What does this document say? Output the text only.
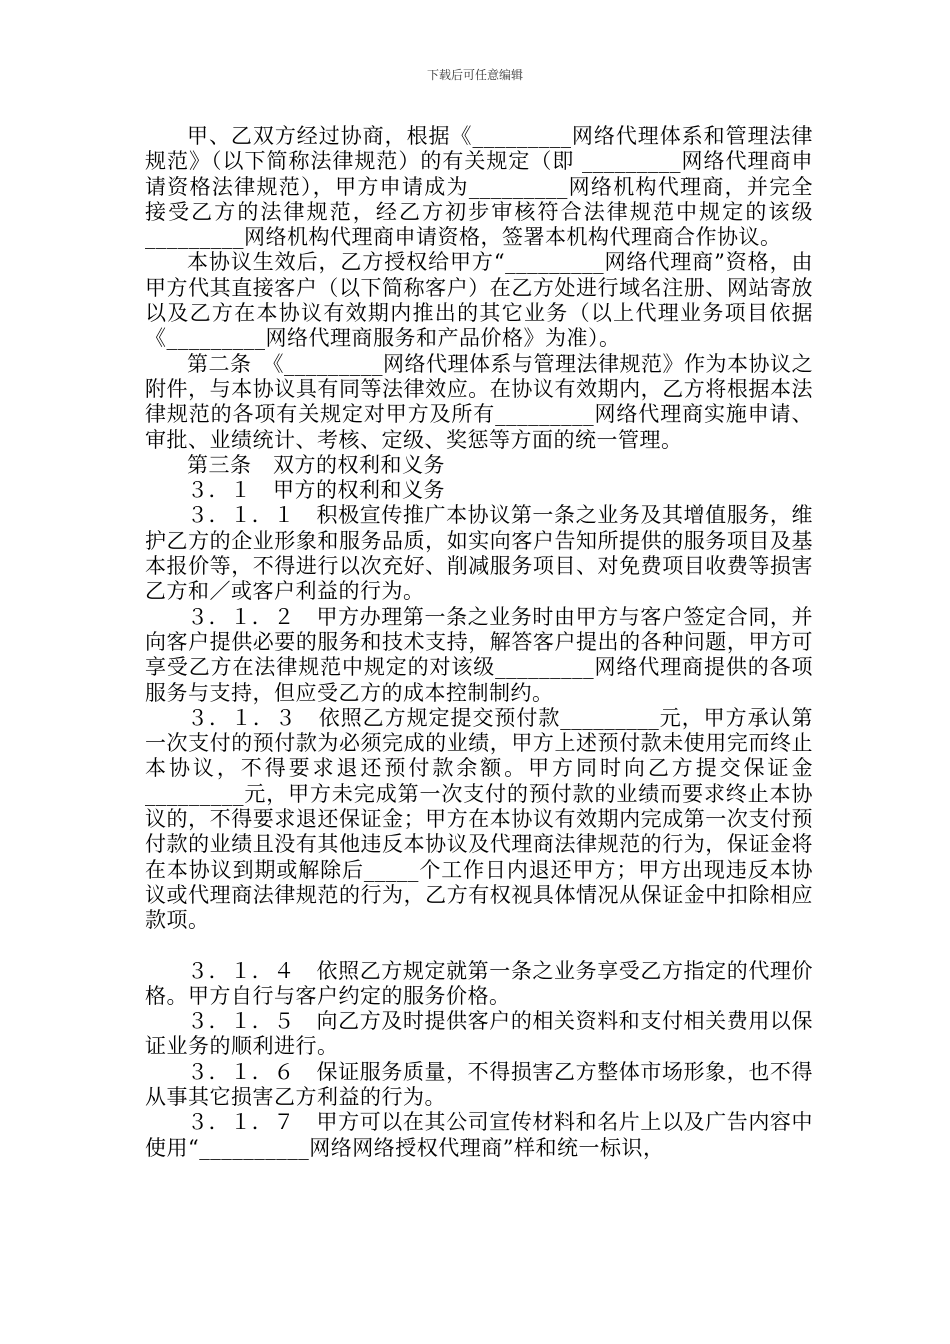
下载后可任意编辑

甲、乙双方经过协商，根据《_________网络代理体系和管理法律规范》（以下简称法律规范）的有关规定（即 _________网络代理商申请资格法律规范），甲方申请成为_________网络机构代理商，并完全接受乙方的法律规范，经乙方初步审核符合法律规范中规定的该级_________网络机构代理商申请资格，签署本机构代理商合作协议。

本协议生效后，乙方授权给甲方“_________网络代理商”资格，由甲方代其直接客户（以下简称客户）在乙方处进行域名注册、网站寄放以及乙方在本协议有效期内推出的其它业务（以上代理业务项目依据《_________网络代理商服务和产品价格》为准）。

第二条　《_________网络代理体系与管理法律规范》作为本协议之附件，与本协议具有同等法律效应。在协议有效期内，乙方将根据本法律规范的各项有关规定对甲方及所有_________网络代理商实施申请、审批、业绩统计、考核、定级、奖惩等方面的统一管理。

第三条　双方的权利和义务

３．１　甲方的权利和义务

３．１．１　积极宣传推广本协议第一条之业务及其增值服务，维护乙方的企业形象和服务品质，如实向客户告知所提供的服务项目及基本报价等，不得进行以次充好、削减服务项目、对免费项目收费等损害乙方和／或客户利益的行为。

３．１．２　甲方办理第一条之业务时由甲方与客户签定合同，并向客户提供必要的服务和技术支持，解答客户提出的各种问题，甲方可享受乙方在法律规范中规定的对该级_________网络代理商提供的各项服务与支持，但应受乙方的成本控制制约。

３．１．３　依照乙方规定提交预付款_________元，甲方承认第一次支付的预付款为必须完成的业绩，甲方上述预付款未使用完而终止本协议，不得要求退还预付款余额。甲方同时向乙方提交保证金_________元，甲方未完成第一次支付的预付款的业绩而要求终止本协议的，不得要求退还保证金；甲方在本协议有效期内完成第一次支付预付款的业绩且没有其他违反本协议及代理商法律规范的行为，保证金将在本协议到期或解除后_____个工作日内退还甲方；甲方出现违反本协议或代理商法律规范的行为，乙方有权视具体情况从保证金中扣除相应款项。

３．１．４　依照乙方规定就第一条之业务享受乙方指定的代理价格。甲方自行与客户约定的服务价格。

３．１．５　向乙方及时提供客户的相关资料和支付相关费用以保证业务的顺利进行。

３．１．６　保证服务质量，不得损害乙方整体市场形象，也不得从事其它损害乙方利益的行为。

３．１．７　甲方可以在其公司宣传材料和名片上以及广告内容中使用“__________网络网络授权代理商”样和统一标识，
